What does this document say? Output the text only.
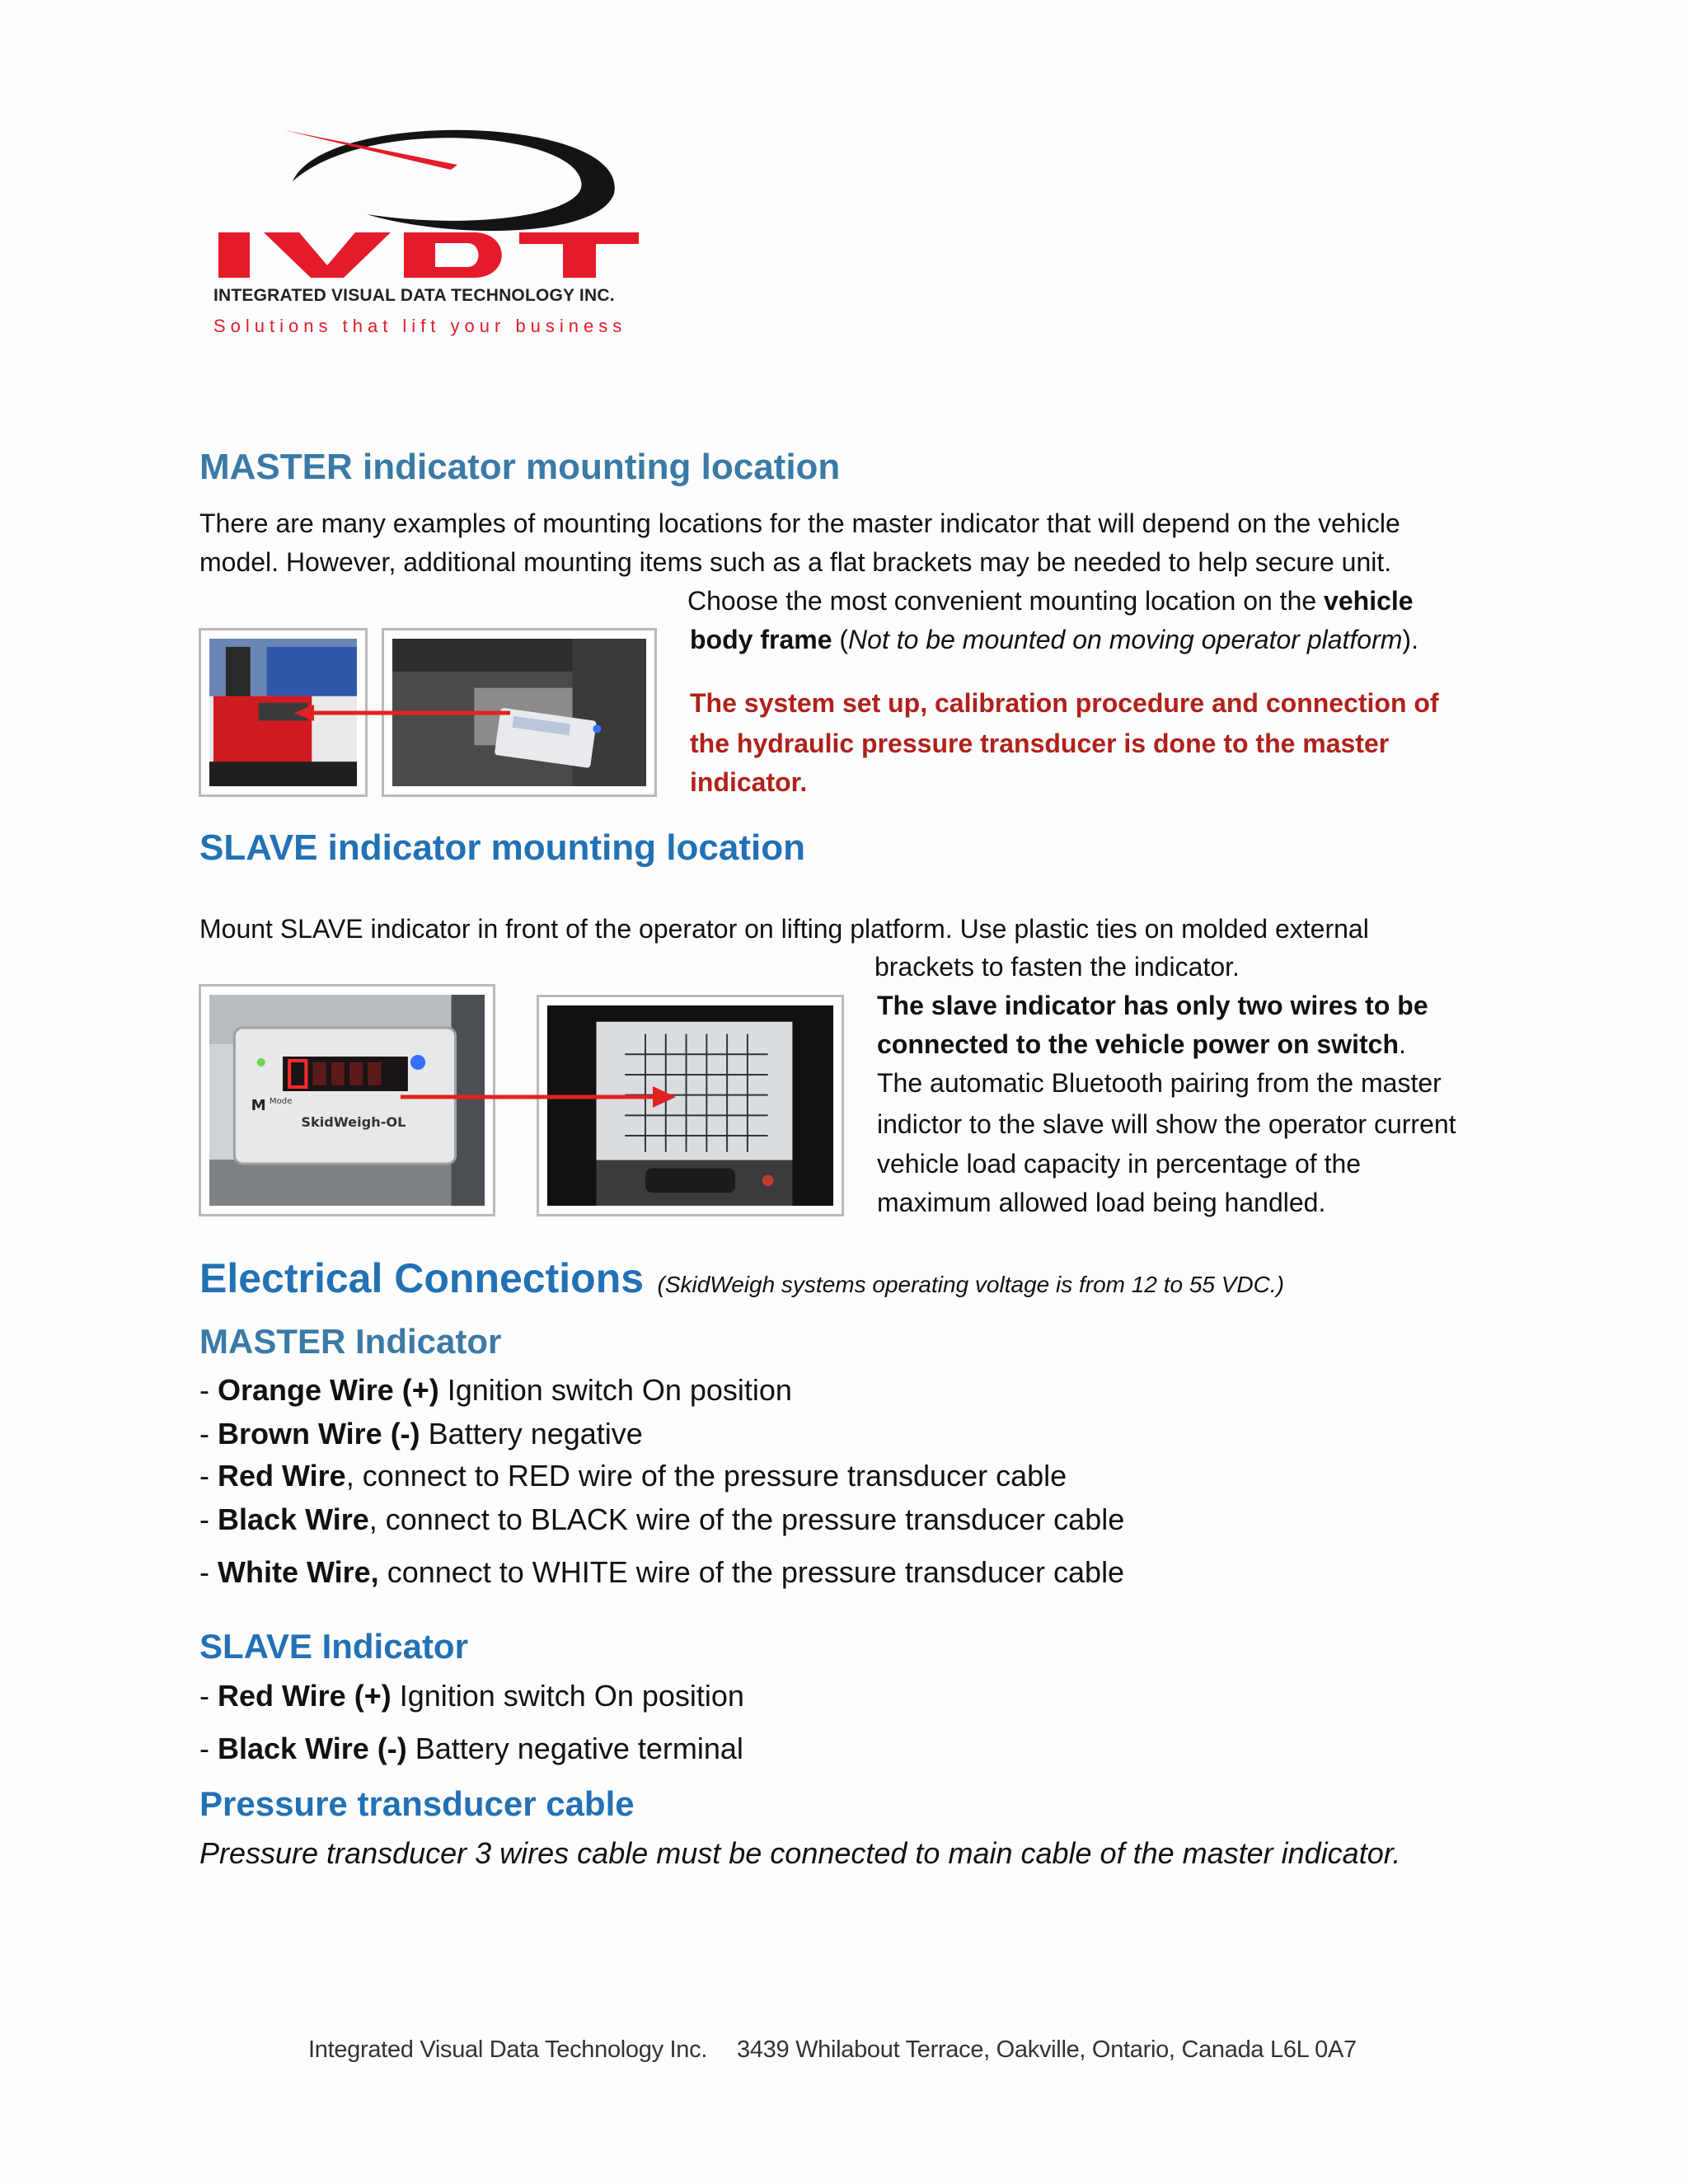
INTEGRATED VISUAL DATA TECHNOLOGY INC.
Solutions that lift your business
MASTER indicator mounting location
There are many examples of mounting locations for the master indicator that will depend on the vehicle
model. However, additional mounting items such as a flat brackets may be needed to help secure unit.
Choose the most convenient mounting location on the vehicle
body frame (Not to be mounted on moving operator platform).
The system set up, calibration procedure and connection of
the hydraulic pressure transducer is done to the master
indicator.
SLAVE indicator mounting location
Mount SLAVE indicator in front of the operator on lifting platform. Use plastic ties on molded external
brackets to fasten the indicator.
The slave indicator has only two wires to be
connected to the vehicle power on switch.
The automatic Bluetooth pairing from the master
indictor to the slave will show the operator current
vehicle load capacity in percentage of the
maximum allowed load being handled.
M Mode
SkidWeigh-OL
Electrical Connections (SkidWeigh systems operating voltage is from 12 to 55 VDC.)
MASTER Indicator
- Orange Wire (+) Ignition switch On position
- Brown Wire (-) Battery negative
- Red Wire, connect to RED wire of the pressure transducer cable
- Black Wire, connect to BLACK wire of the pressure transducer cable
- White Wire, connect to WHITE wire of the pressure transducer cable
SLAVE Indicator
- Red Wire (+) Ignition switch On position
- Black Wire (-) Battery negative terminal
Pressure transducer cable
Pressure transducer 3 wires cable must be connected to main cable of the master indicator.
Integrated Visual Data Technology Inc. 3439 Whilabout Terrace, Oakville, Ontario, Canada L6L 0A7
